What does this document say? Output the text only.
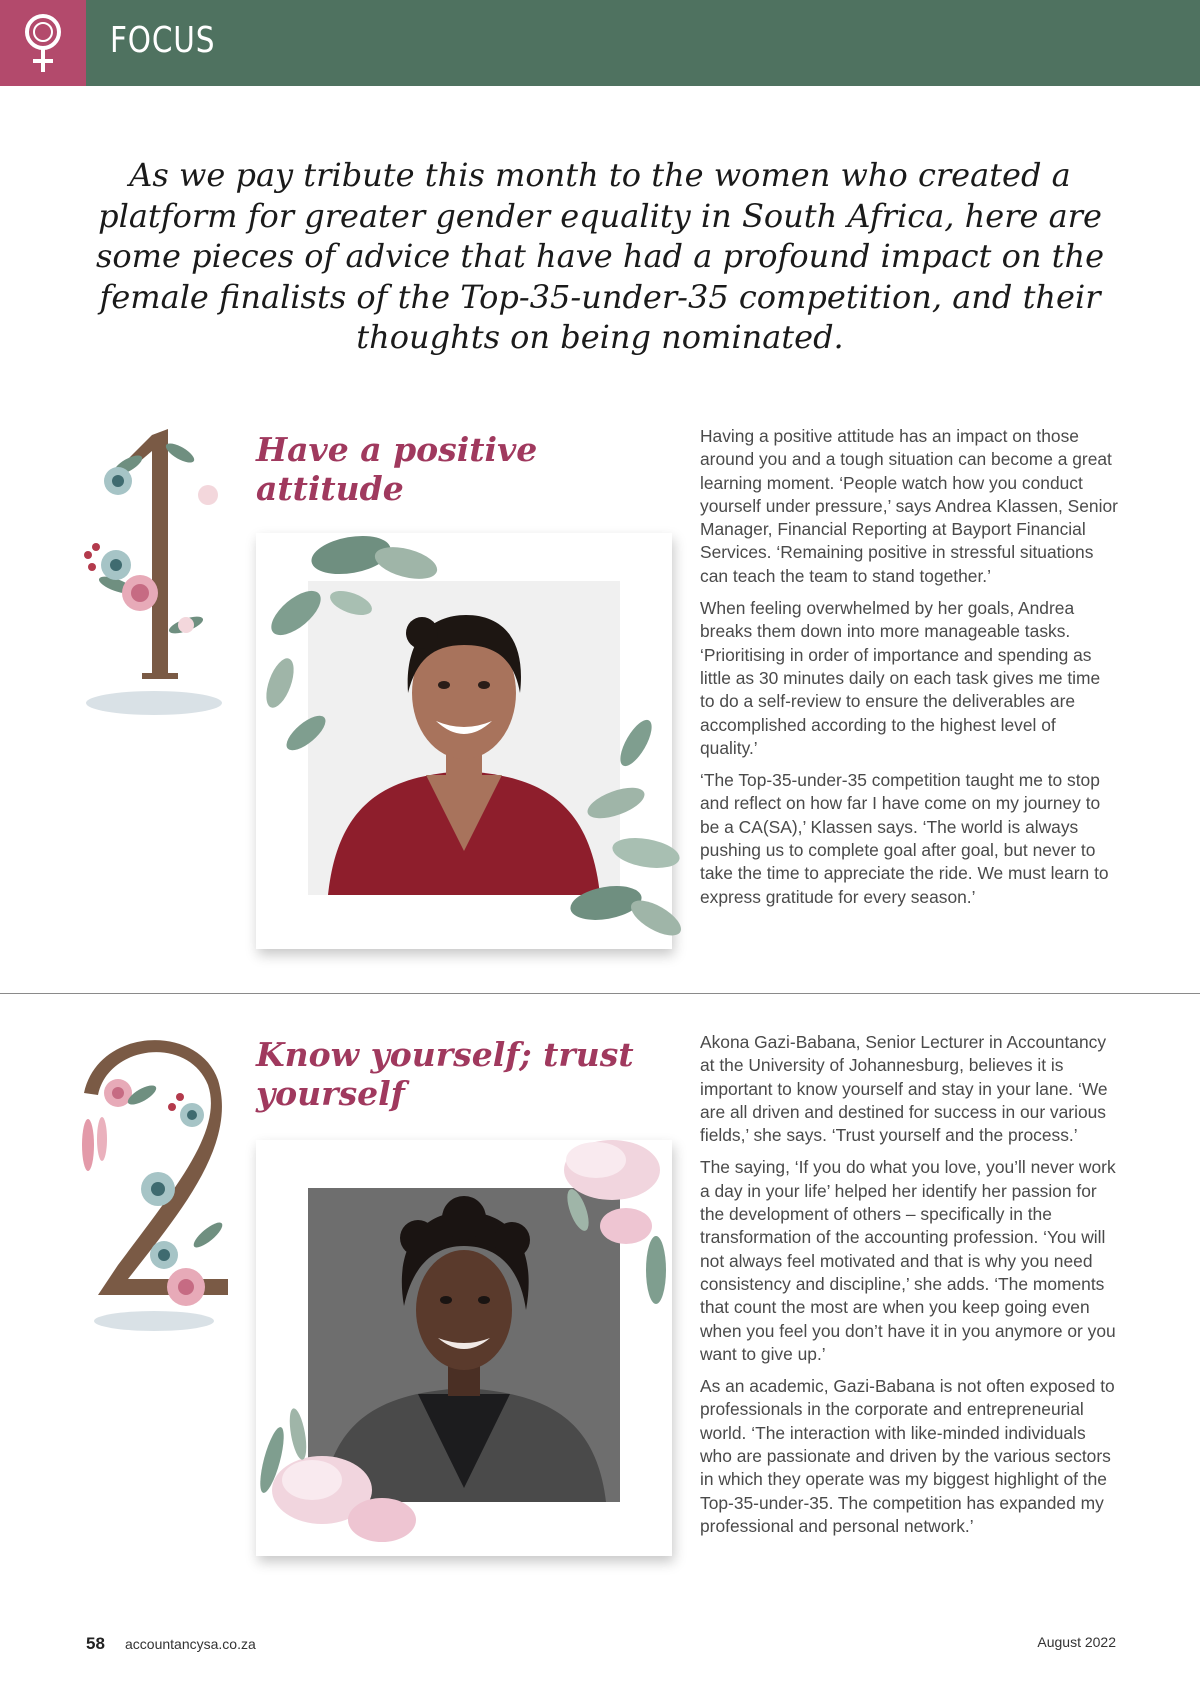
FOCUS

As we pay tribute this month to the women who created a platform for greater gender equality in South Africa, here are some pieces of advice that have had a profound impact on the female finalists of the Top-35-under-35 competition, and their thoughts on being nominated.

Have a positive attitude

Having a positive attitude has an impact on those around you and a tough situation can become a great learning moment. ‘People watch how you conduct yourself under pressure,’ says Andrea Klassen, Senior Manager, Financial Reporting at Bayport Financial Services. ‘Remaining positive in stressful situations can teach the team to stand together.’

When feeling overwhelmed by her goals, Andrea breaks them down into more manageable tasks. ‘Prioritising in order of importance and spending as little as 30 minutes daily on each task gives me time to do a self-review to ensure the deliverables are accomplished according to the highest level of quality.’

‘The Top-35-under-35 competition taught me to stop and reflect on how far I have come on my journey to be a CA(SA),’ Klassen says. ‘The world is always pushing us to complete goal after goal, but never to take the time to appreciate the ride. We must learn to express gratitude for every season.’

Know yourself; trust yourself

Akona Gazi-Babana, Senior Lecturer in Accountancy at the University of Johannesburg, believes it is important to know yourself and stay in your lane. ‘We are all driven and destined for success in our various fields,’ she says. ‘Trust yourself and the process.’

The saying, ‘If you do what you love, you’ll never work a day in your life’ helped her identify her passion for the development of others – specifically in the transformation of the accounting profession. ‘You will not always feel motivated and that is why you need consistency and discipline,’ she adds. ‘The moments that count the most are when you keep going even when you feel you don’t have it in you anymore or you want to give up.’

As an academic, Gazi-Babana is not often exposed to professionals in the corporate and entrepreneurial world. ‘The interaction with like-minded individuals who are passionate and driven by the various sectors in which they operate was my biggest highlight of the Top-35-under-35. The competition has expanded my professional and personal network.’

58 accountancysa.co.za	August 2022
